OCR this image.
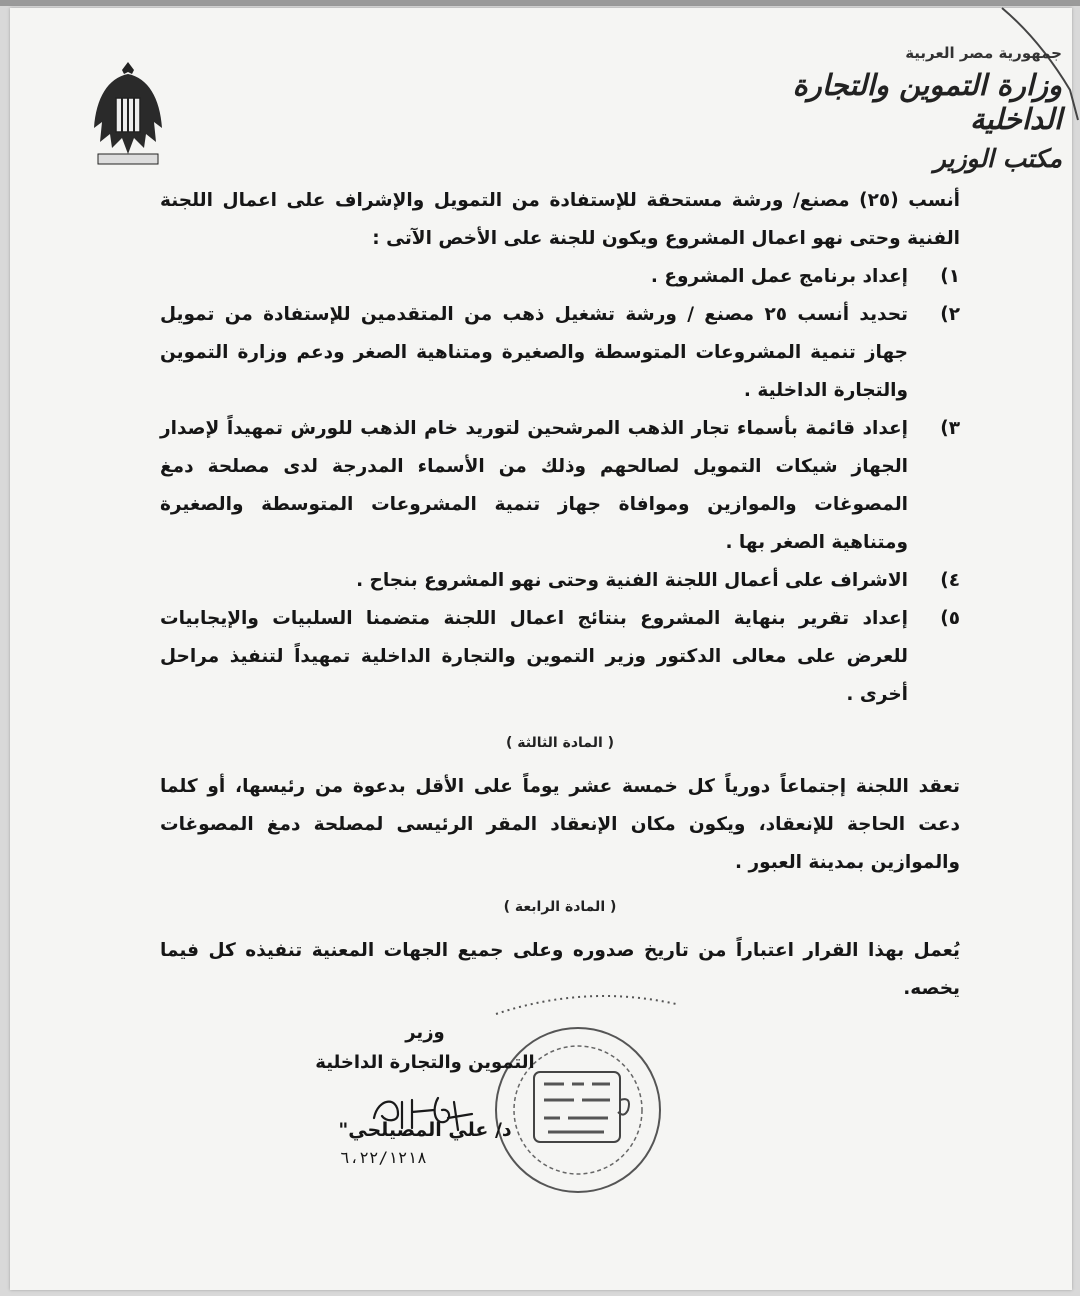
جمهورية مصر العربية
وزارة التموين والتجارة الداخلية
مكتب الوزير

أنسب (٢٥) مصنع/ ورشة مستحقة للإستفادة من التمويل والإشراف على اعمال اللجنة الفنية وحتى نهو اعمال المشروع ويكون للجنة على الأخص الآتى :

١)
إعداد برنامج عمل المشروع .
٢)
تحديد أنسب ٢٥ مصنع / ورشة تشغيل ذهب من المتقدمين للإستفادة من تمويل جهاز تنمية المشروعات المتوسطة والصغيرة ومتناهية الصغر ودعم وزارة التموين والتجارة الداخلية .
٣)
إعداد قائمة بأسماء تجار الذهب المرشحين لتوريد خام الذهب للورش تمهيداً لإصدار الجهاز شيكات التمويل لصالحهم وذلك من الأسماء المدرجة لدى مصلحة دمغ المصوغات والموازين وموافاة جهاز تنمية المشروعات المتوسطة والصغيرة ومتناهية الصغر بها .
٤)
الاشراف على أعمال اللجنة الفنية وحتى نهو المشروع بنجاح .
٥)
إعداد تقرير بنهاية المشروع بنتائج اعمال اللجنة متضمنا السلبيات والإيجابيات للعرض على معالى الدكتور وزير التموين والتجارة الداخلية تمهيداً لتنفيذ مراحل أخرى .
( المادة الثالثة )

تعقد اللجنة إجتماعاً دورياً كل خمسة عشر يوماً على الأقل بدعوة من رئيسها، أو كلما دعت الحاجة للإنعقاد، ويكون مكان الإنعقاد المقر الرئيسى لمصلحة دمغ المصوغات والموازين بمدينة العبور .

( المادة الرابعة )

يُعمل بهذا القرار اعتباراً من تاريخ صدوره وعلى جميع الجهات المعنية تنفيذه كل فيما يخصه.

وزير
التموين والتجارة الداخلية
د/ علي المصيلحي"
٦،٢٢/١٢١٨
